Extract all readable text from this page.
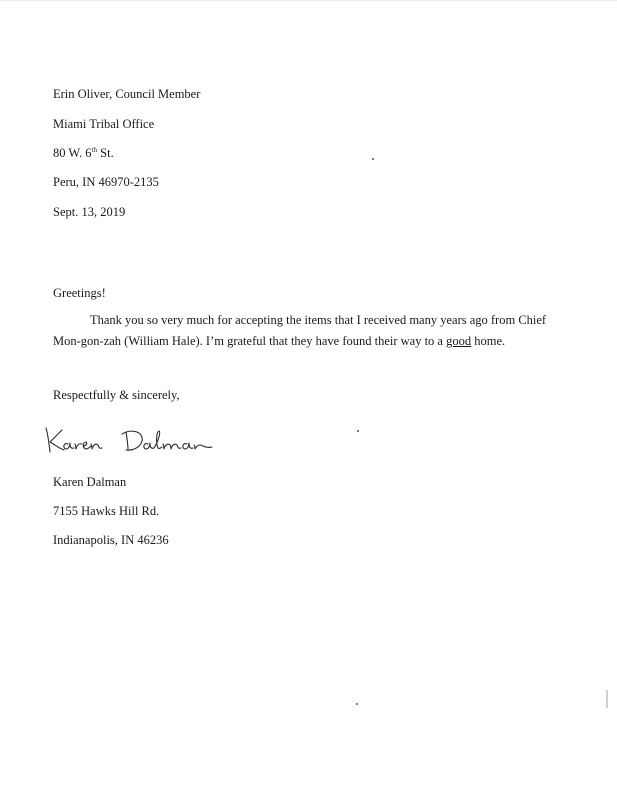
Erin Oliver, Council Member
Miami Tribal Office
80 W. 6th St.
Peru, IN 46970-2135
Sept. 13, 2019
Greetings!
Thank you so very much for accepting the items that I received many years ago from Chief
Mon-gon-zah (William Hale). I’m grateful that they have found their way to a good home.
Respectfully & sincerely,
Karen Dalman
7155 Hawks Hill Rd.
Indianapolis, IN 46236
